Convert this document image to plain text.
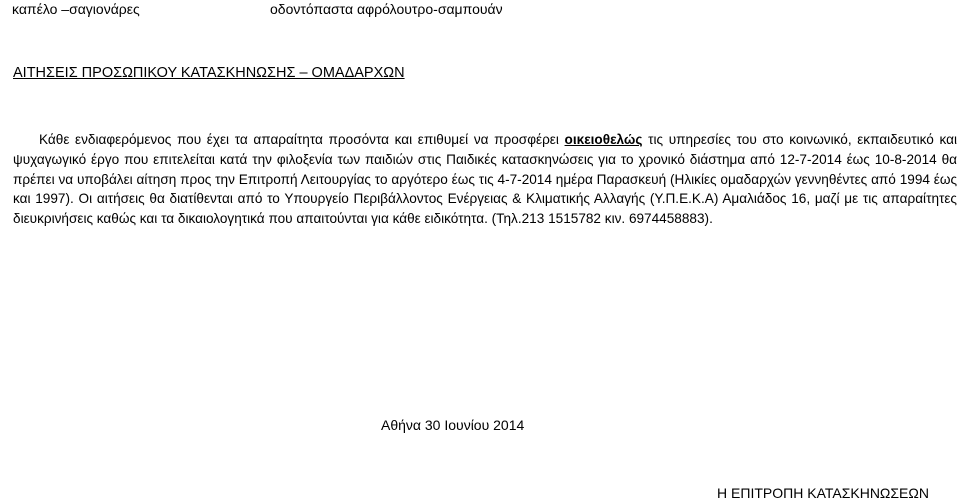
καπέλο –σαγιονάρες	οδοντόπαστα αφρόλουτρο-σαμπουάν
ΑΙΤΗΣΕΙΣ ΠΡΟΣΩΠΙΚΟΥ ΚΑΤΑΣΚΗΝΩΣΗΣ – ΟΜΑΔΑΡΧΩΝ

Κάθε ενδιαφερόμενος που έχει τα απαραίτητα προσόντα και επιθυμεί να προσφέρει οικειοθελώς τις υπηρεσίες του στο κοινωνικό, εκπαιδευτικό και ψυχαγωγικό έργο που επιτελείται κατά την φιλοξενία των παιδιών στις Παιδικές κατασκηνώσεις για το χρονικό διάστημα από 12-7-2014 έως 10-8-2014 θα πρέπει να υποβάλει αίτηση προς την Επιτροπή Λειτουργίας το αργότερο έως τις 4-7-2014 ημέρα Παρασκευή (Ηλικίες ομαδαρχών γεννηθέντες από 1994 έως και 1997). Οι αιτήσεις θα διατίθενται από το Υπουργείο Περιβάλλοντος Ενέργειας & Κλιματικής Αλλαγής (Υ.Π.Ε.Κ.Α) Αμαλιάδος 16, μαζί με τις απαραίτητες διευκρινήσεις καθώς και τα δικαιολογητικά που απαιτούνται για κάθε ειδικότητα. (Τηλ.213 1515782 κιν. 6974458883).

Αθήνα 30 Ιουνίου 2014
Η ΕΠΙΤΡΟΠΗ ΚΑΤΑΣΚΗΝΩΣΕΩΝ
